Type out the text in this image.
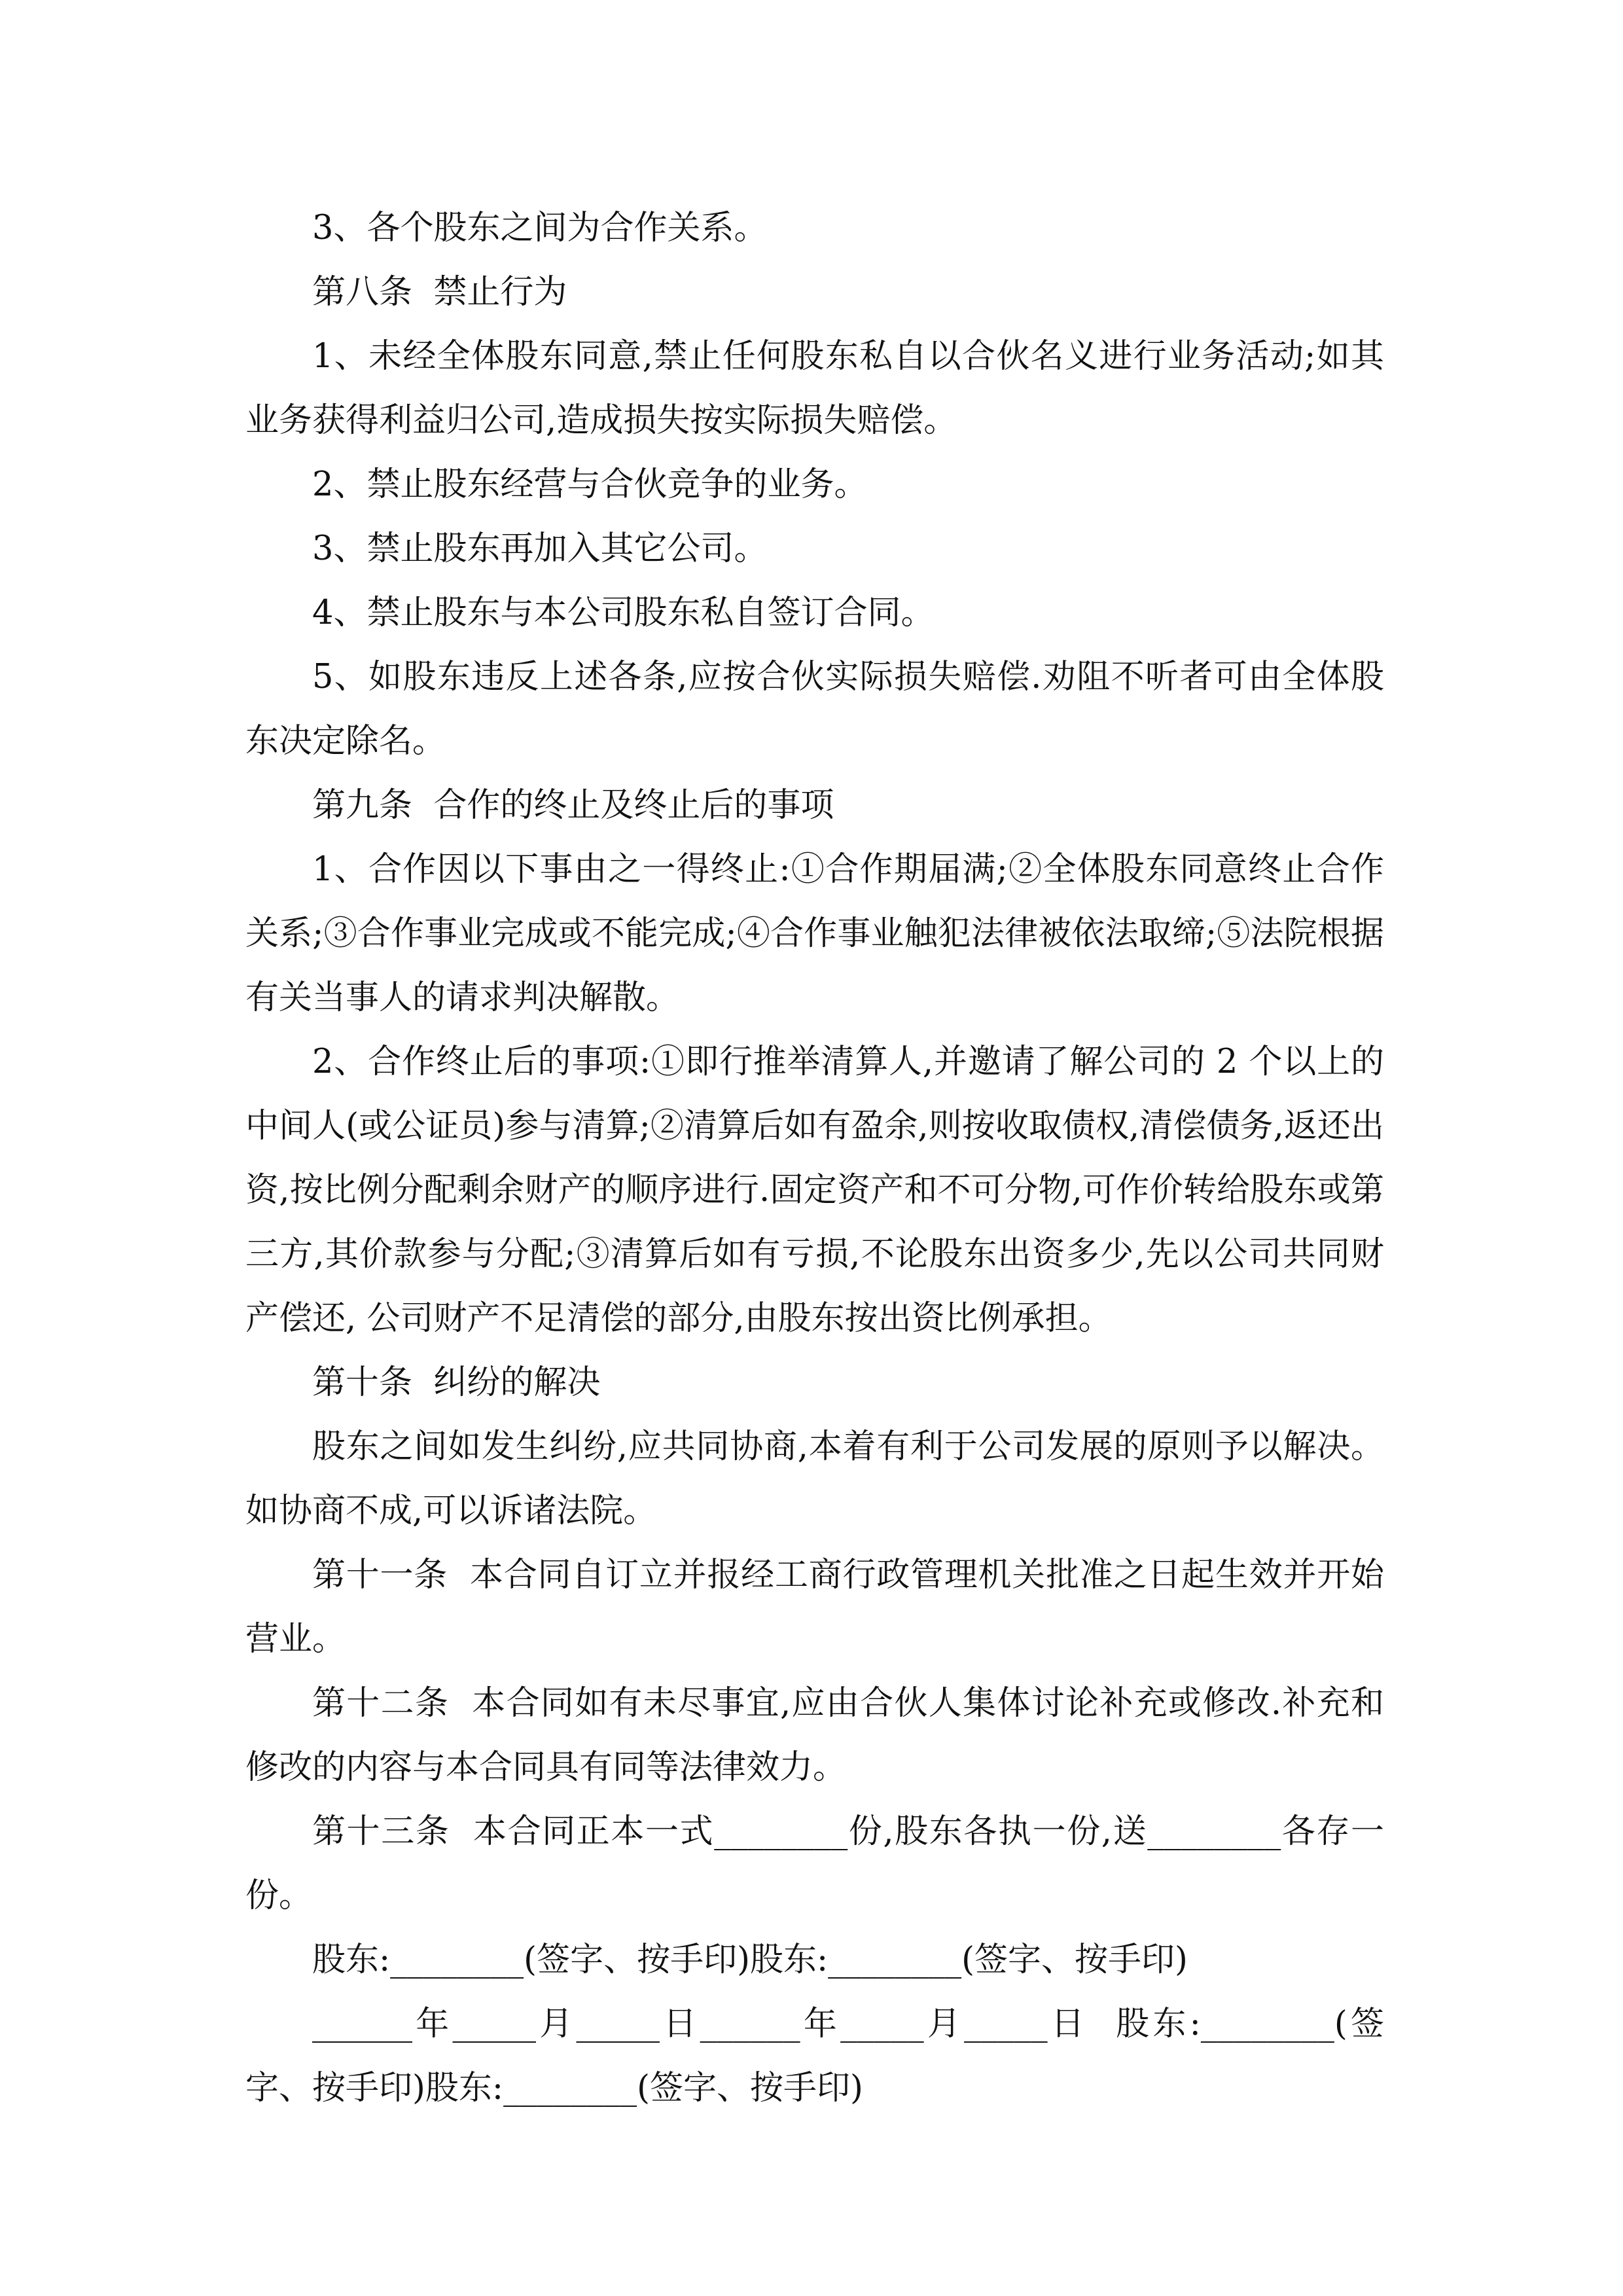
3、各个股东之间为合作关系。

第八条  禁止行为

1、未经全体股东同意,禁止任何股东私自以合伙名义进行业务活动;如其业务获得利益归公司,造成损失按实际损失赔偿。

2、禁止股东经营与合伙竞争的业务。

3、禁止股东再加入其它公司。

4、禁止股东与本公司股东私自签订合同。

5、如股东违反上述各条,应按合伙实际损失赔偿.劝阻不听者可由全体股东决定除名。

第九条  合作的终止及终止后的事项

1、合作因以下事由之一得终止:①合作期届满;②全体股东同意终止合作关系;③合作事业完成或不能完成;④合作事业触犯法律被依法取缔;⑤法院根据有关当事人的请求判决解散。

2、合作终止后的事项:①即行推举清算人,并邀请了解公司的 2 个以上的中间人(或公证员)参与清算;②清算后如有盈余,则按收取债权,清偿债务,返还出资,按比例分配剩余财产的顺序进行.固定资产和不可分物,可作价转给股东或第三方,其价款参与分配;③清算后如有亏损,不论股东出资多少,先以公司共同财产偿还, 公司财产不足清偿的部分,由股东按出资比例承担。

第十条  纠纷的解决

股东之间如发生纠纷,应共同协商,本着有利于公司发展的原则予以解决。如协商不成,可以诉诸法院。

第十一条  本合同自订立并报经工商行政管理机关批准之日起生效并开始营业。

第十二条  本合同如有未尽事宜,应由合伙人集体讨论补充或修改.补充和修改的内容与本合同具有同等法律效力。

第十三条  本合同正本一式________份,股东各执一份,送________各存一份。

股东:________(签字、按手印)股东:________(签字、按手印)

______年_____月_____日______年_____月_____日  股东:________(签字、按手印)股东:________(签字、按手印)
